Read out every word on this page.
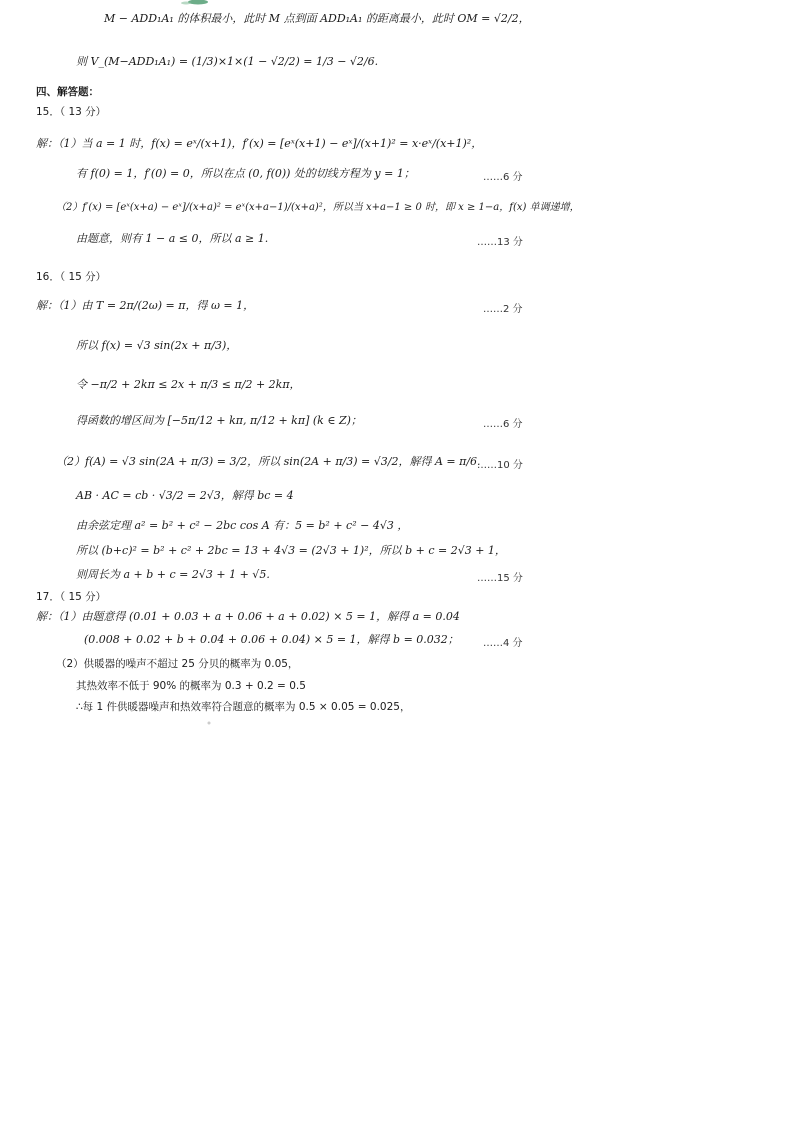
M − ADD₁A₁ 的体积最小，此时 M 点到面 ADD₁A₁ 的距离最小，此时 OM = √2/2，
则 V_(M−ADD₁A₁) = (1/3)×1×(1 − √2/2) = 1/3 − √2/6.
四、解答题：
15．（ 13 分）
解：（1）当 a = 1 时，f(x) = eˣ/(x+1)，f′(x) = [eˣ(x+1) − eˣ]/(x+1)² = x·eˣ/(x+1)²，
有 f(0) = 1，f′(0) = 0，所以在点 (0, f(0)) 处的切线方程为 y = 1；	……6 分
（2）f′(x) = [eˣ(x+a) − eˣ]/(x+a)² = eˣ(x+a−1)/(x+a)²，所以当 x+a−1 ≥ 0 时，即 x ≥ 1−a，f(x) 单调递增，
由题意，则有 1 − a ≤ 0，所以 a ≥ 1.	……13 分
16．（ 15 分）
解：（1）由 T = 2π/(2ω) = π，得 ω = 1，	……2 分
所以 f(x) = √3 sin(2x + π/3)，
令 −π/2 + 2kπ ≤ 2x + π/3 ≤ π/2 + 2kπ，
得函数的增区间为 [−5π/12 + kπ, π/12 + kπ] (k ∈ Z)；	……6 分
（2）f(A) = √3 sin(2A + π/3) = 3/2，所以 sin(2A + π/3) = √3/2，解得 A = π/6.
……10 分
AB · AC = cb · √3/2 = 2√3，解得 bc = 4
由余弦定理 a² = b² + c² − 2bc cos A 有：5 = b² + c² − 4√3 ，
所以 (b+c)² = b² + c² + 2bc = 13 + 4√3 = (2√3 + 1)²，所以 b + c = 2√3 + 1，
则周长为 a + b + c = 2√3 + 1 + √5.	……15 分
17．（ 15 分）
解：（1）由题意得 (0.01 + 0.03 + a + 0.06 + a + 0.02) × 5 = 1，解得 a = 0.04
(0.008 + 0.02 + b + 0.04 + 0.06 + 0.04) × 5 = 1，解得 b = 0.032； ……4 分
（2）供暖器的噪声不超过 25 分贝的概率为 0.05，
其热效率不低于 90% 的概率为 0.3 + 0.2 = 0.5
∴每 1 件供暖器噪声和热效率符合题意的概率为 0.5 × 0.05 = 0.025，
